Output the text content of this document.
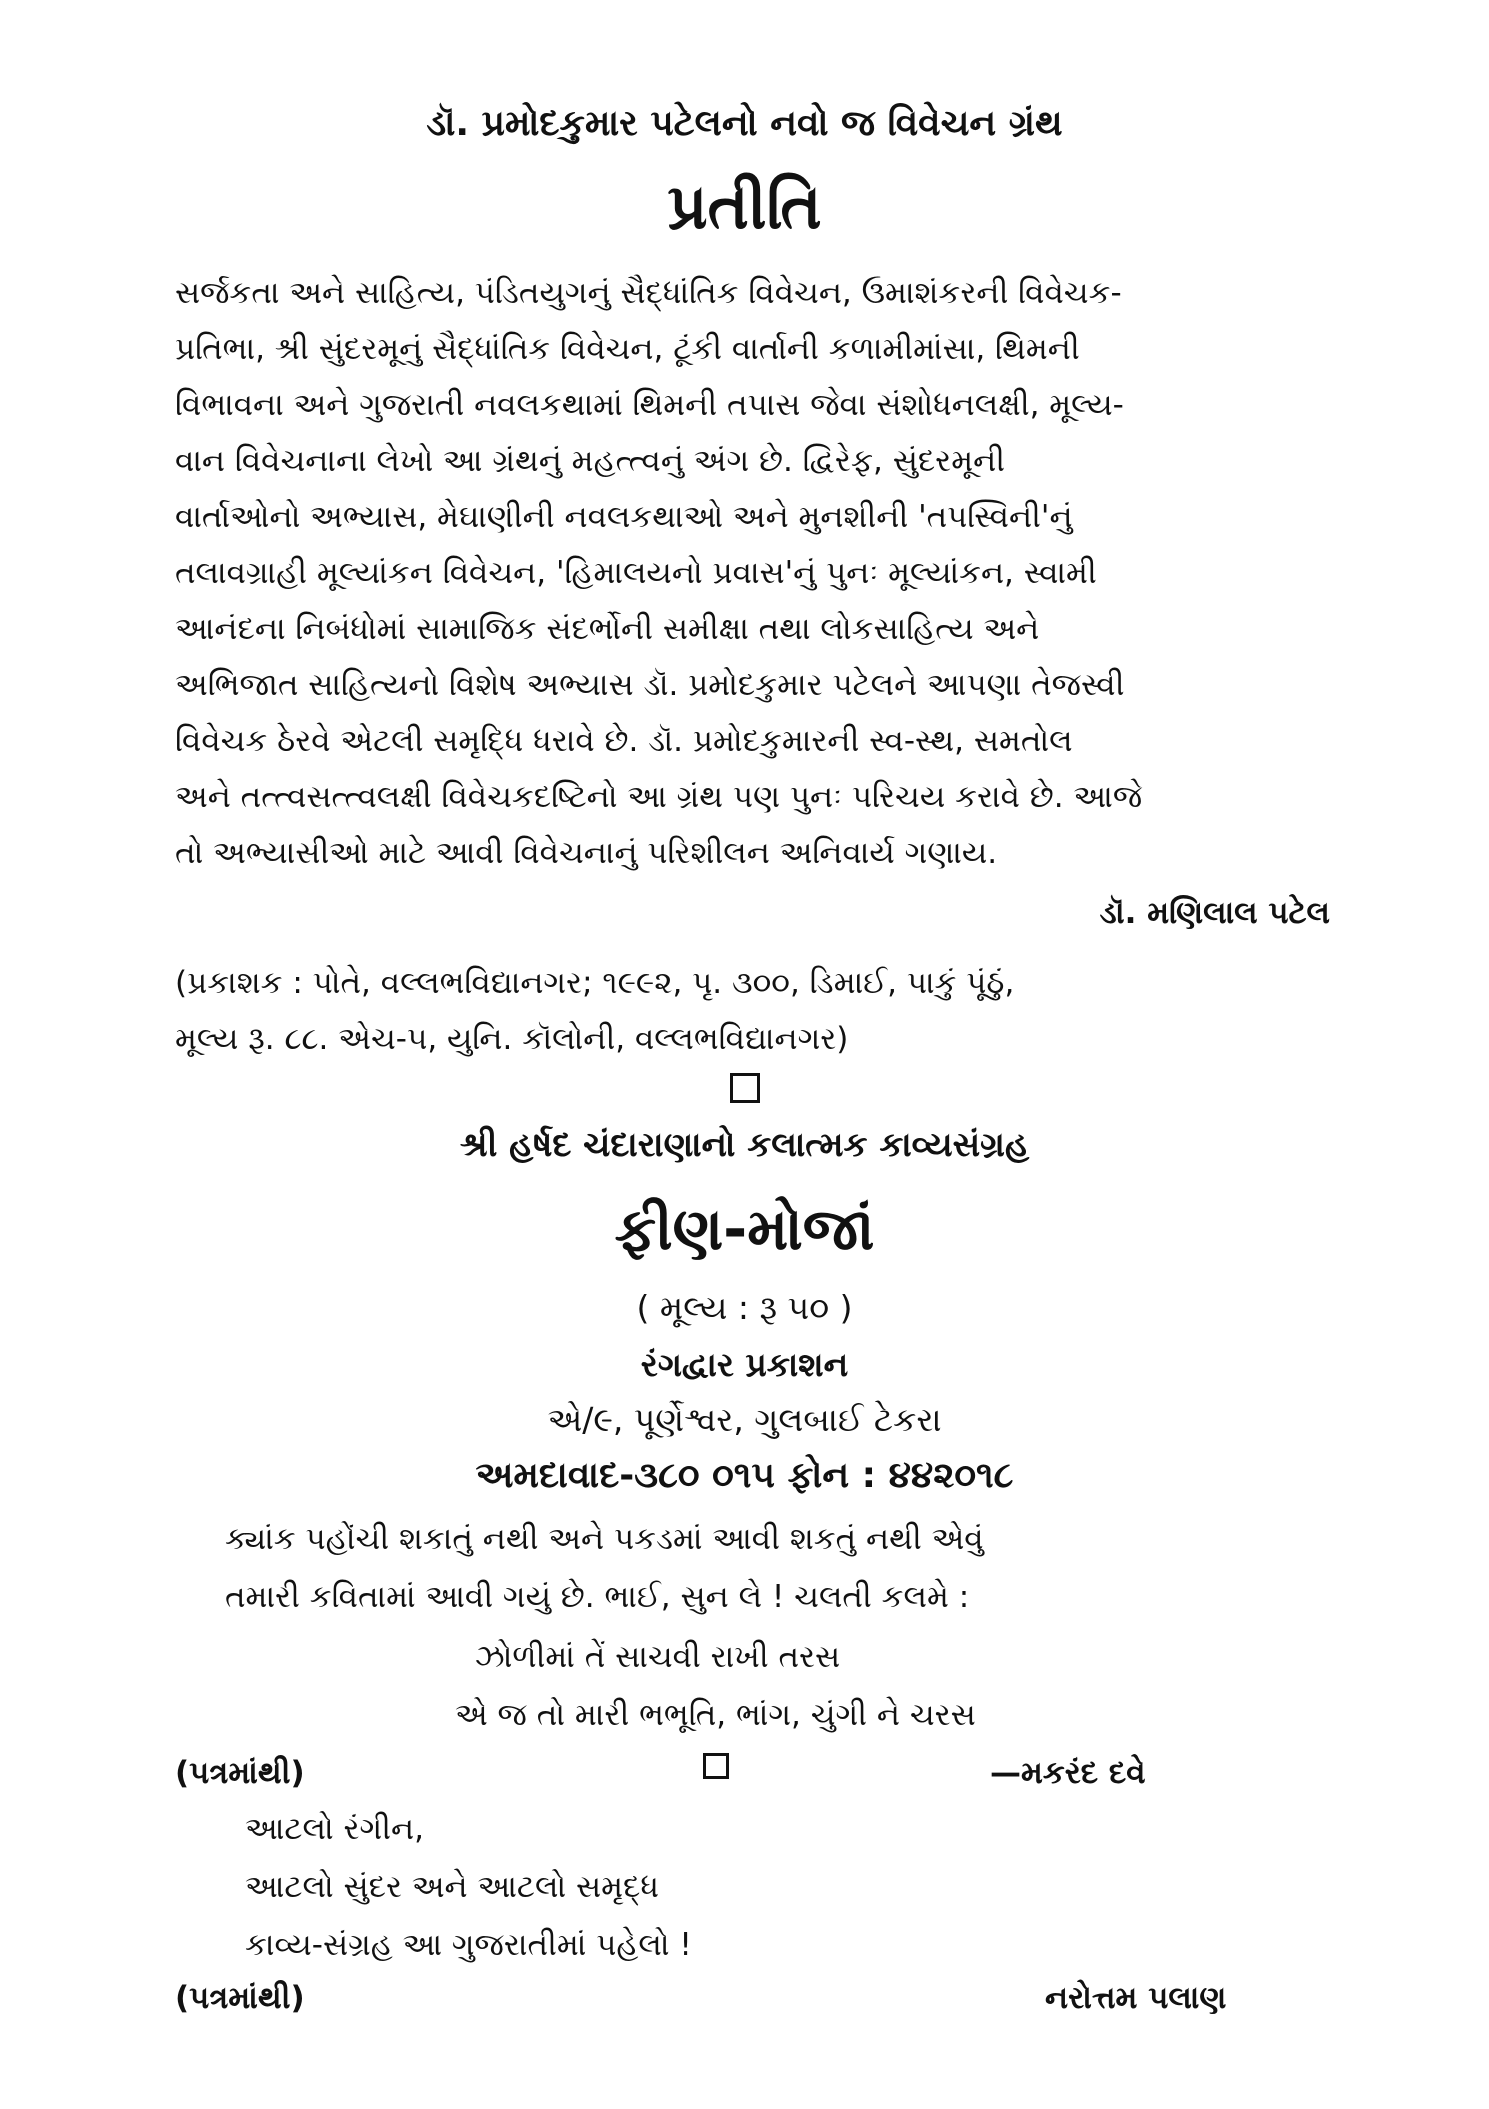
ડૉ. પ્રમોદકુમાર પટેલનો નવો જ વિવેચન ગ્રંથ
પ્રતીતિ
સર્જકતા અને સાહિત્ય, પંડિતયુગનું સૈદ્ધાંતિક વિવેચન, ઉમાશંકરની વિવેચક-
પ્રતિભા, શ્રી સુંદરમૂનું સૈદ્ધાંતિક વિવેચન, ટૂંકી વાર્તાની કળામીમાંસા, થિમની
વિભાવના અને ગુજરાતી નવલકથામાં થિમની તપાસ જેવા સંશોધનલક્ષી, મૂલ્ય-
વાન વિવેચનાના લેખો આ ગ્રંથનું મહત્ત્વનું અંગ છે. દ્વિરેફ, સુંદરમૂની
વાર્તાઓનો અભ્યાસ, મેઘાણીની નવલકથાઓ અને મુનશીની 'તપસ્વિની'નું
તલાવગ્રાહી મૂલ્યાંકન વિવેચન, 'હિમાલયનો પ્રવાસ'નું પુનઃ મૂલ્યાંકન, સ્વામી
આનંદના નિબંધોમાં સામાજિક સંદર્ભોની સમીક્ષા તથા લોકસાહિત્ય અને
અભિજાત સાહિત્યનો વિશેષ અભ્યાસ ડૉ. પ્રમોદકુમાર પટેલને આપણા તેજસ્વી
વિવેચક ઠેરવે એટલી સમૃદ્ધિ ધરાવે છે. ડૉ. પ્રમોદકુમારની સ્વ-સ્થ, સમતોલ
અને તત્ત્વસત્ત્વલક્ષી વિવેચકદષ્ટિનો આ ગ્રંથ પણ પુનઃ પરિચય કરાવે છે. આજે
તો અભ્યાસીઓ માટે આવી વિવેચનાનું પરિશીલન અનિવાર્ય ગણાય.
ડૉ. મણિલાલ પટેલ
(પ્રકાશક : પોતે, વલ્લભવિદ્યાનગર; ૧૯૯૨, પૃ. ૩૦૦, ડિમાઈ, પાકું પૂંઠું,
મૂલ્ય રૂ. ૮૮. એચ-૫, યુનિ. કૉલોની, વલ્લભવિદ્યાનગર)
શ્રી હર્ષદ ચંદારાણાનો કલાત્મક કાવ્યસંગ્રહ
ફીણ-મોજાં
( મૂલ્ય : રૂ ૫૦ )
રંગદ્વાર પ્રકાશન
એ/૯, પૂર્ણેશ્વર, ગુલબાઈ ટેકરા
અમદાવાદ-૩૮૦ ૦૧૫ ફોન : ૪૪૨૦૧૮
ક્યાંક પહોંચી શકાતું નથી અને પકડમાં આવી શકતું નથી એવું
તમારી કવિતામાં આવી ગયું છે. ભાઈ, સુન લે ! ચલતી કલમે :
ઝોળીમાં તેં સાચવી રાખી તરસ
એ જ તો મારી ભભૂતિ, ભાંગ, ચુંગી ને ચરસ
(પત્રમાંથી)	—મકરંદ દવે
આટલો રંગીન,
આટલો સુંદર અને આટલો સમૃદ્ધ
કાવ્ય-સંગ્રહ આ ગુજરાતીમાં પહેલો !
(પત્રમાંથી)	નરોત્તમ પલાણ
